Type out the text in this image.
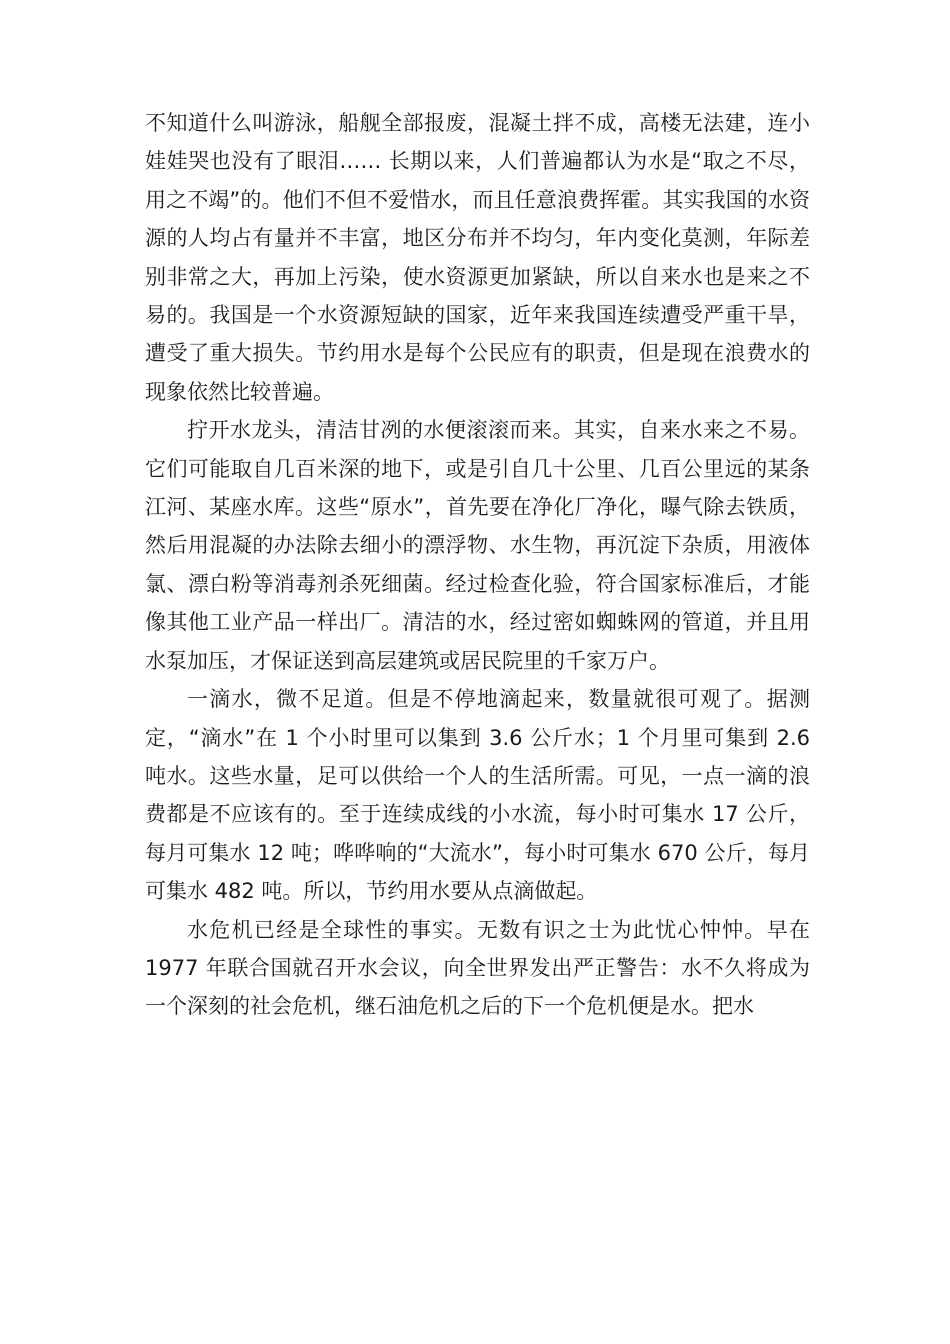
不知道什么叫游泳，船舰全部报废，混凝土拌不成，高楼无法建，连小娃娃哭也没有了眼泪…… 长期以来，人们普遍都认为水是“取之不尽，用之不竭”的。他们不但不爱惜水，而且任意浪费挥霍。其实我国的水资源的人均占有量并不丰富，地区分布并不均匀，年内变化莫测，年际差别非常之大，再加上污染，使水资源更加紧缺，所以自来水也是来之不易的。我国是一个水资源短缺的国家，近年来我国连续遭受严重干旱，遭受了重大损失。节约用水是每个公民应有的职责，但是现在浪费水的现象依然比较普遍。

拧开水龙头，清洁甘冽的水便滚滚而来。其实，自来水来之不易。它们可能取自几百米深的地下，或是引自几十公里、几百公里远的某条江河、某座水库。这些“原水”，首先要在净化厂净化，曝气除去铁质，然后用混凝的办法除去细小的漂浮物、水生物，再沉淀下杂质，用液体氯、漂白粉等消毒剂杀死细菌。经过检查化验，符合国家标准后，才能像其他工业产品一样出厂。清洁的水，经过密如蜘蛛网的管道，并且用水泵加压，才保证送到高层建筑或居民院里的千家万户。

一滴水，微不足道。但是不停地滴起来，数量就很可观了。据测定，“滴水”在 1 个小时里可以集到 3.6 公斤水；1 个月里可集到 2.6 吨水。这些水量，足可以供给一个人的生活所需。可见，一点一滴的浪费都是不应该有的。至于连续成线的小水流，每小时可集水 17 公斤，每月可集水 12 吨；哗哗响的“大流水”，每小时可集水 670 公斤，每月可集水 482 吨。所以，节约用水要从点滴做起。

水危机已经是全球性的事实。无数有识之士为此忧心忡忡。早在 1977 年联合国就召开水会议，向全世界发出严正警告：水不久将成为一个深刻的社会危机，继石油危机之后的下一个危机便是水。把水
